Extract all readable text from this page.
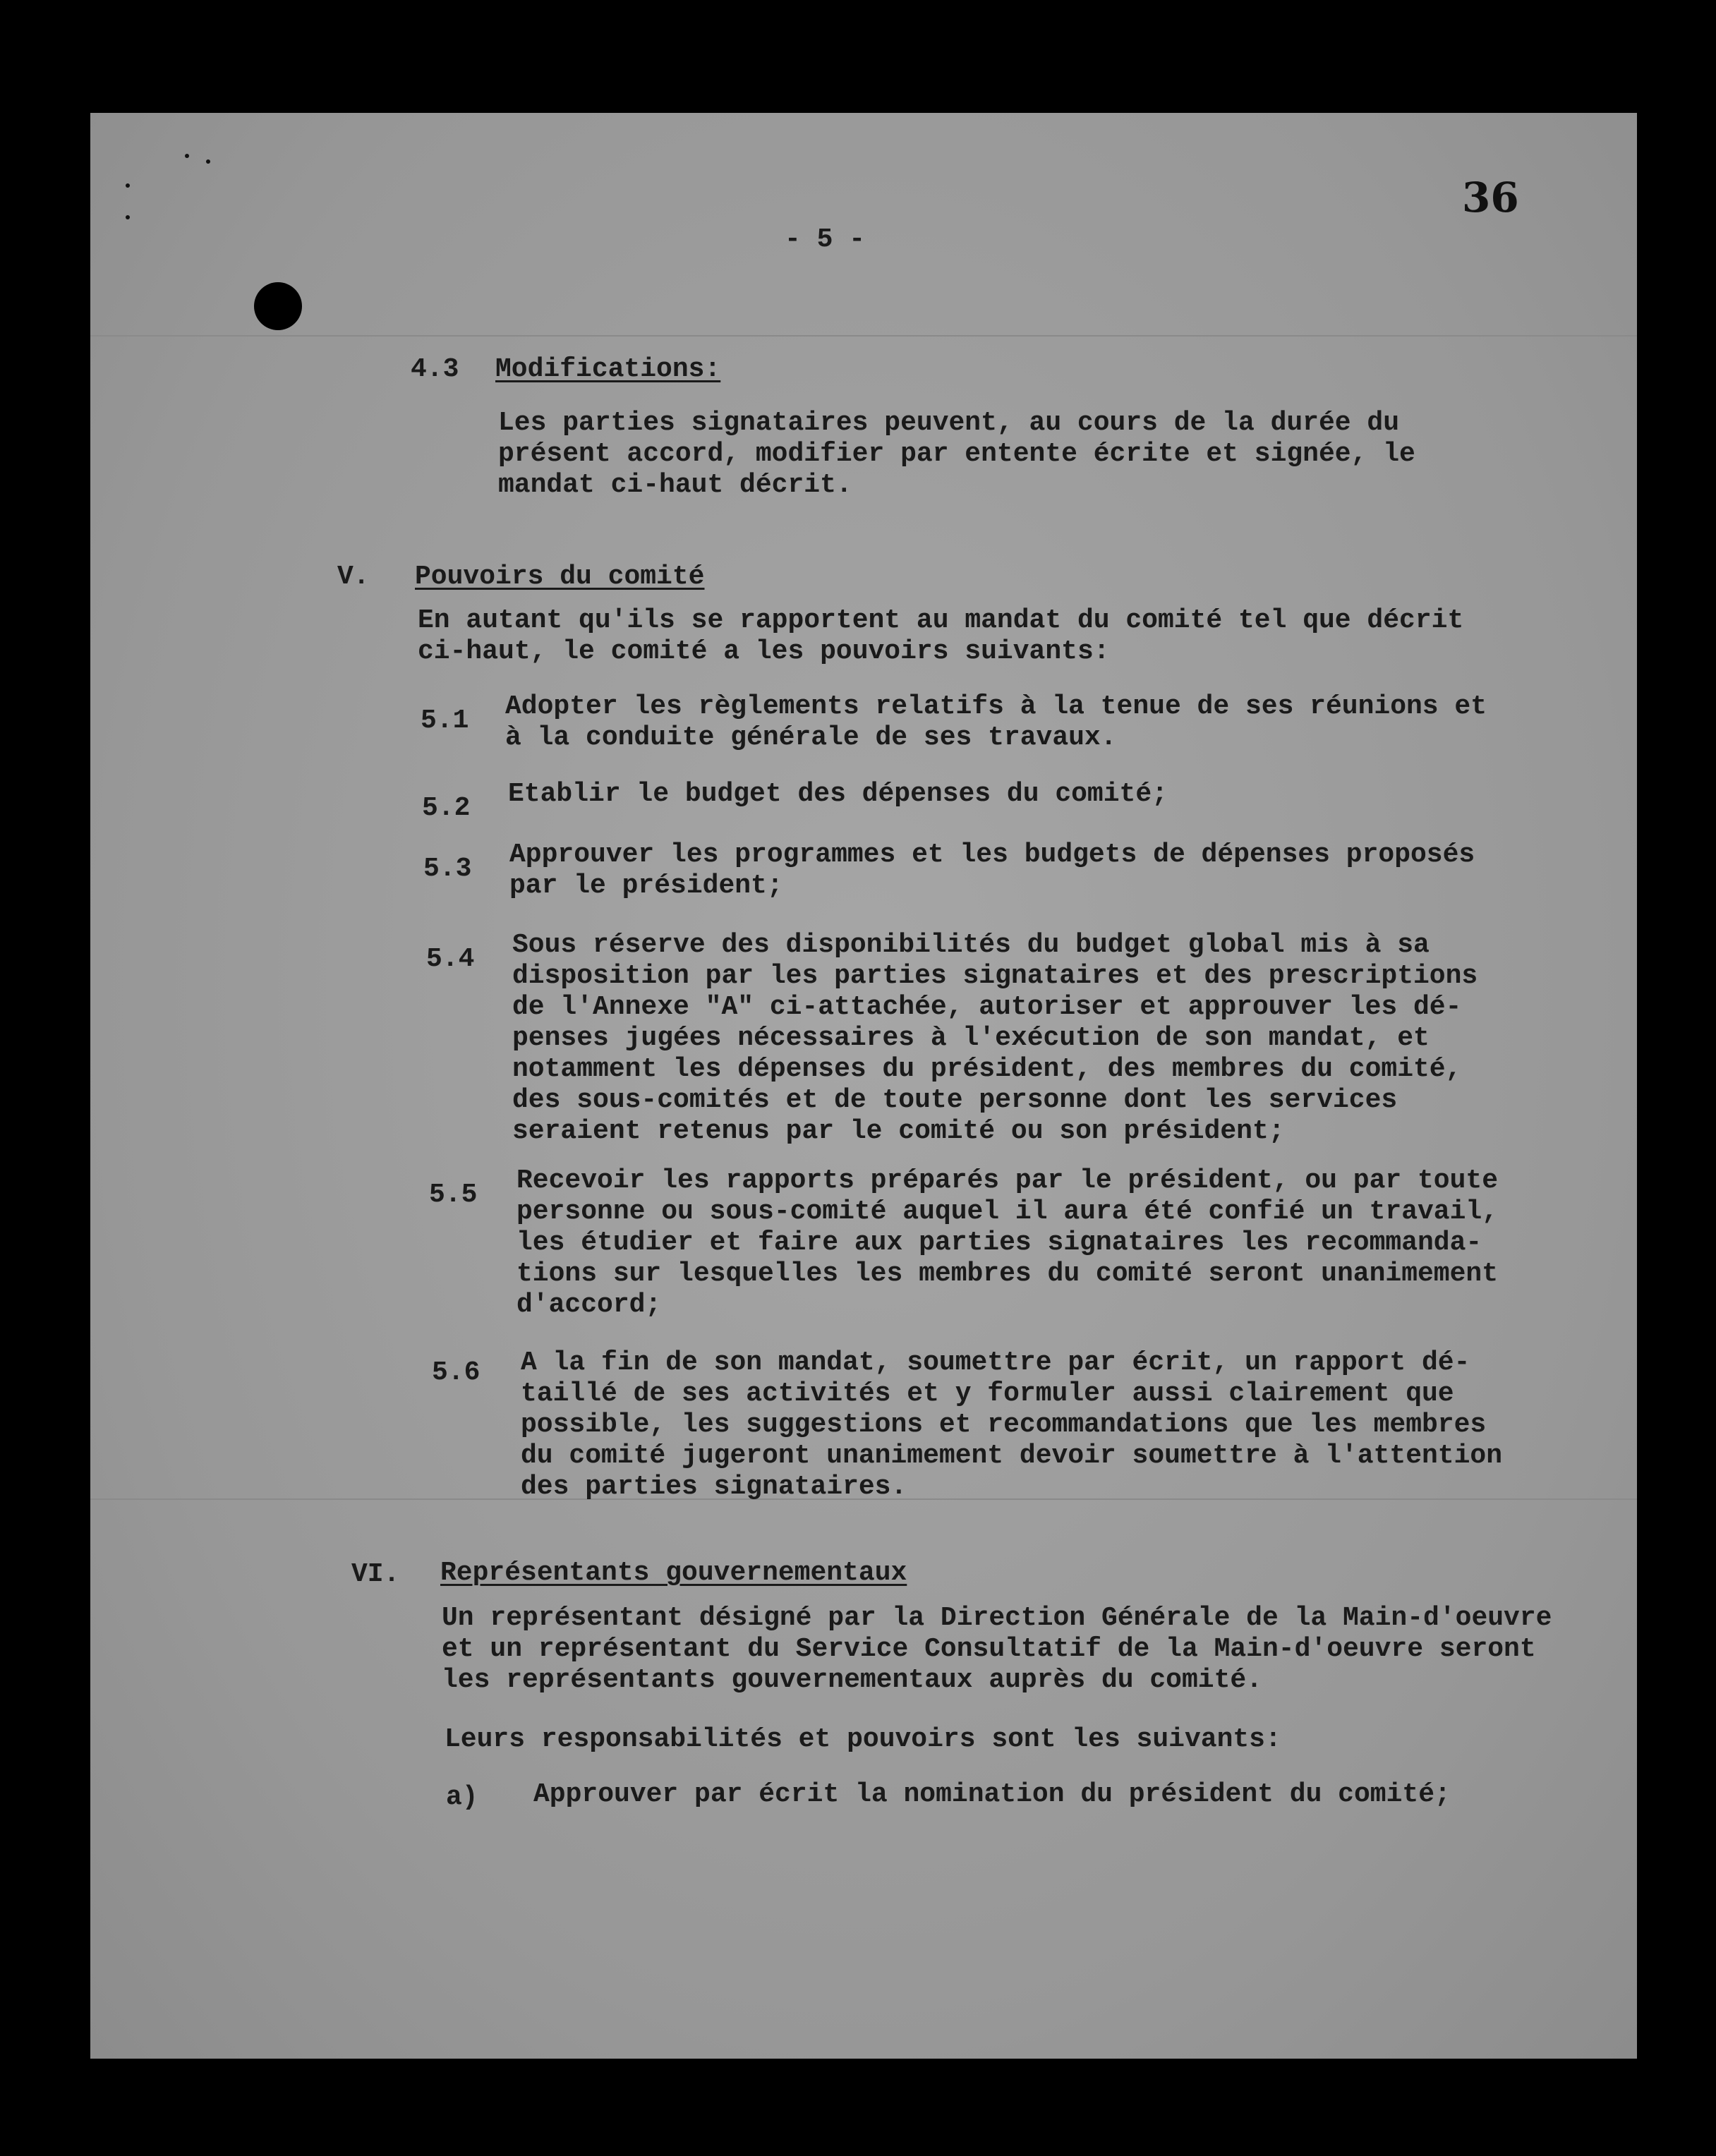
36
- 5 -
4.3 Modifications:
Les parties signataires peuvent, au cours de la durée du
présent accord, modifier par entente écrite et signée, le
mandat ci-haut décrit.
V. Pouvoirs du comité
En autant qu'ils se rapportent au mandat du comité tel que décrit
ci-haut, le comité a les pouvoirs suivants:
5.1 Adopter les règlements relatifs à la tenue de ses réunions et
à la conduite générale de ses travaux.
5.2 Etablir le budget des dépenses du comité;
5.3 Approuver les programmes et les budgets de dépenses proposés
par le président;
5.4 Sous réserve des disponibilités du budget global mis à sa
disposition par les parties signataires et des prescriptions
de l'Annexe "A" ci-attachée, autoriser et approuver les dé-
penses jugées nécessaires à l'exécution de son mandat, et
notamment les dépenses du président, des membres du comité,
des sous-comités et de toute personne dont les services
seraient retenus par le comité ou son président;
5.5 Recevoir les rapports préparés par le président, ou par toute
personne ou sous-comité auquel il aura été confié un travail,
les étudier et faire aux parties signataires les recommanda-
tions sur lesquelles les membres du comité seront unanimement
d'accord;
5.6 A la fin de son mandat, soumettre par écrit, un rapport dé-
taillé de ses activités et y formuler aussi clairement que
possible, les suggestions et recommandations que les membres
du comité jugeront unanimement devoir soumettre à l'attention
des parties signataires.
VI. Représentants gouvernementaux
Un représentant désigné par la Direction Générale de la Main-d'oeuvre
et un représentant du Service Consultatif de la Main-d'oeuvre seront
les représentants gouvernementaux auprès du comité.
Leurs responsabilités et pouvoirs sont les suivants:
a) Approuver par écrit la nomination du président du comité;
